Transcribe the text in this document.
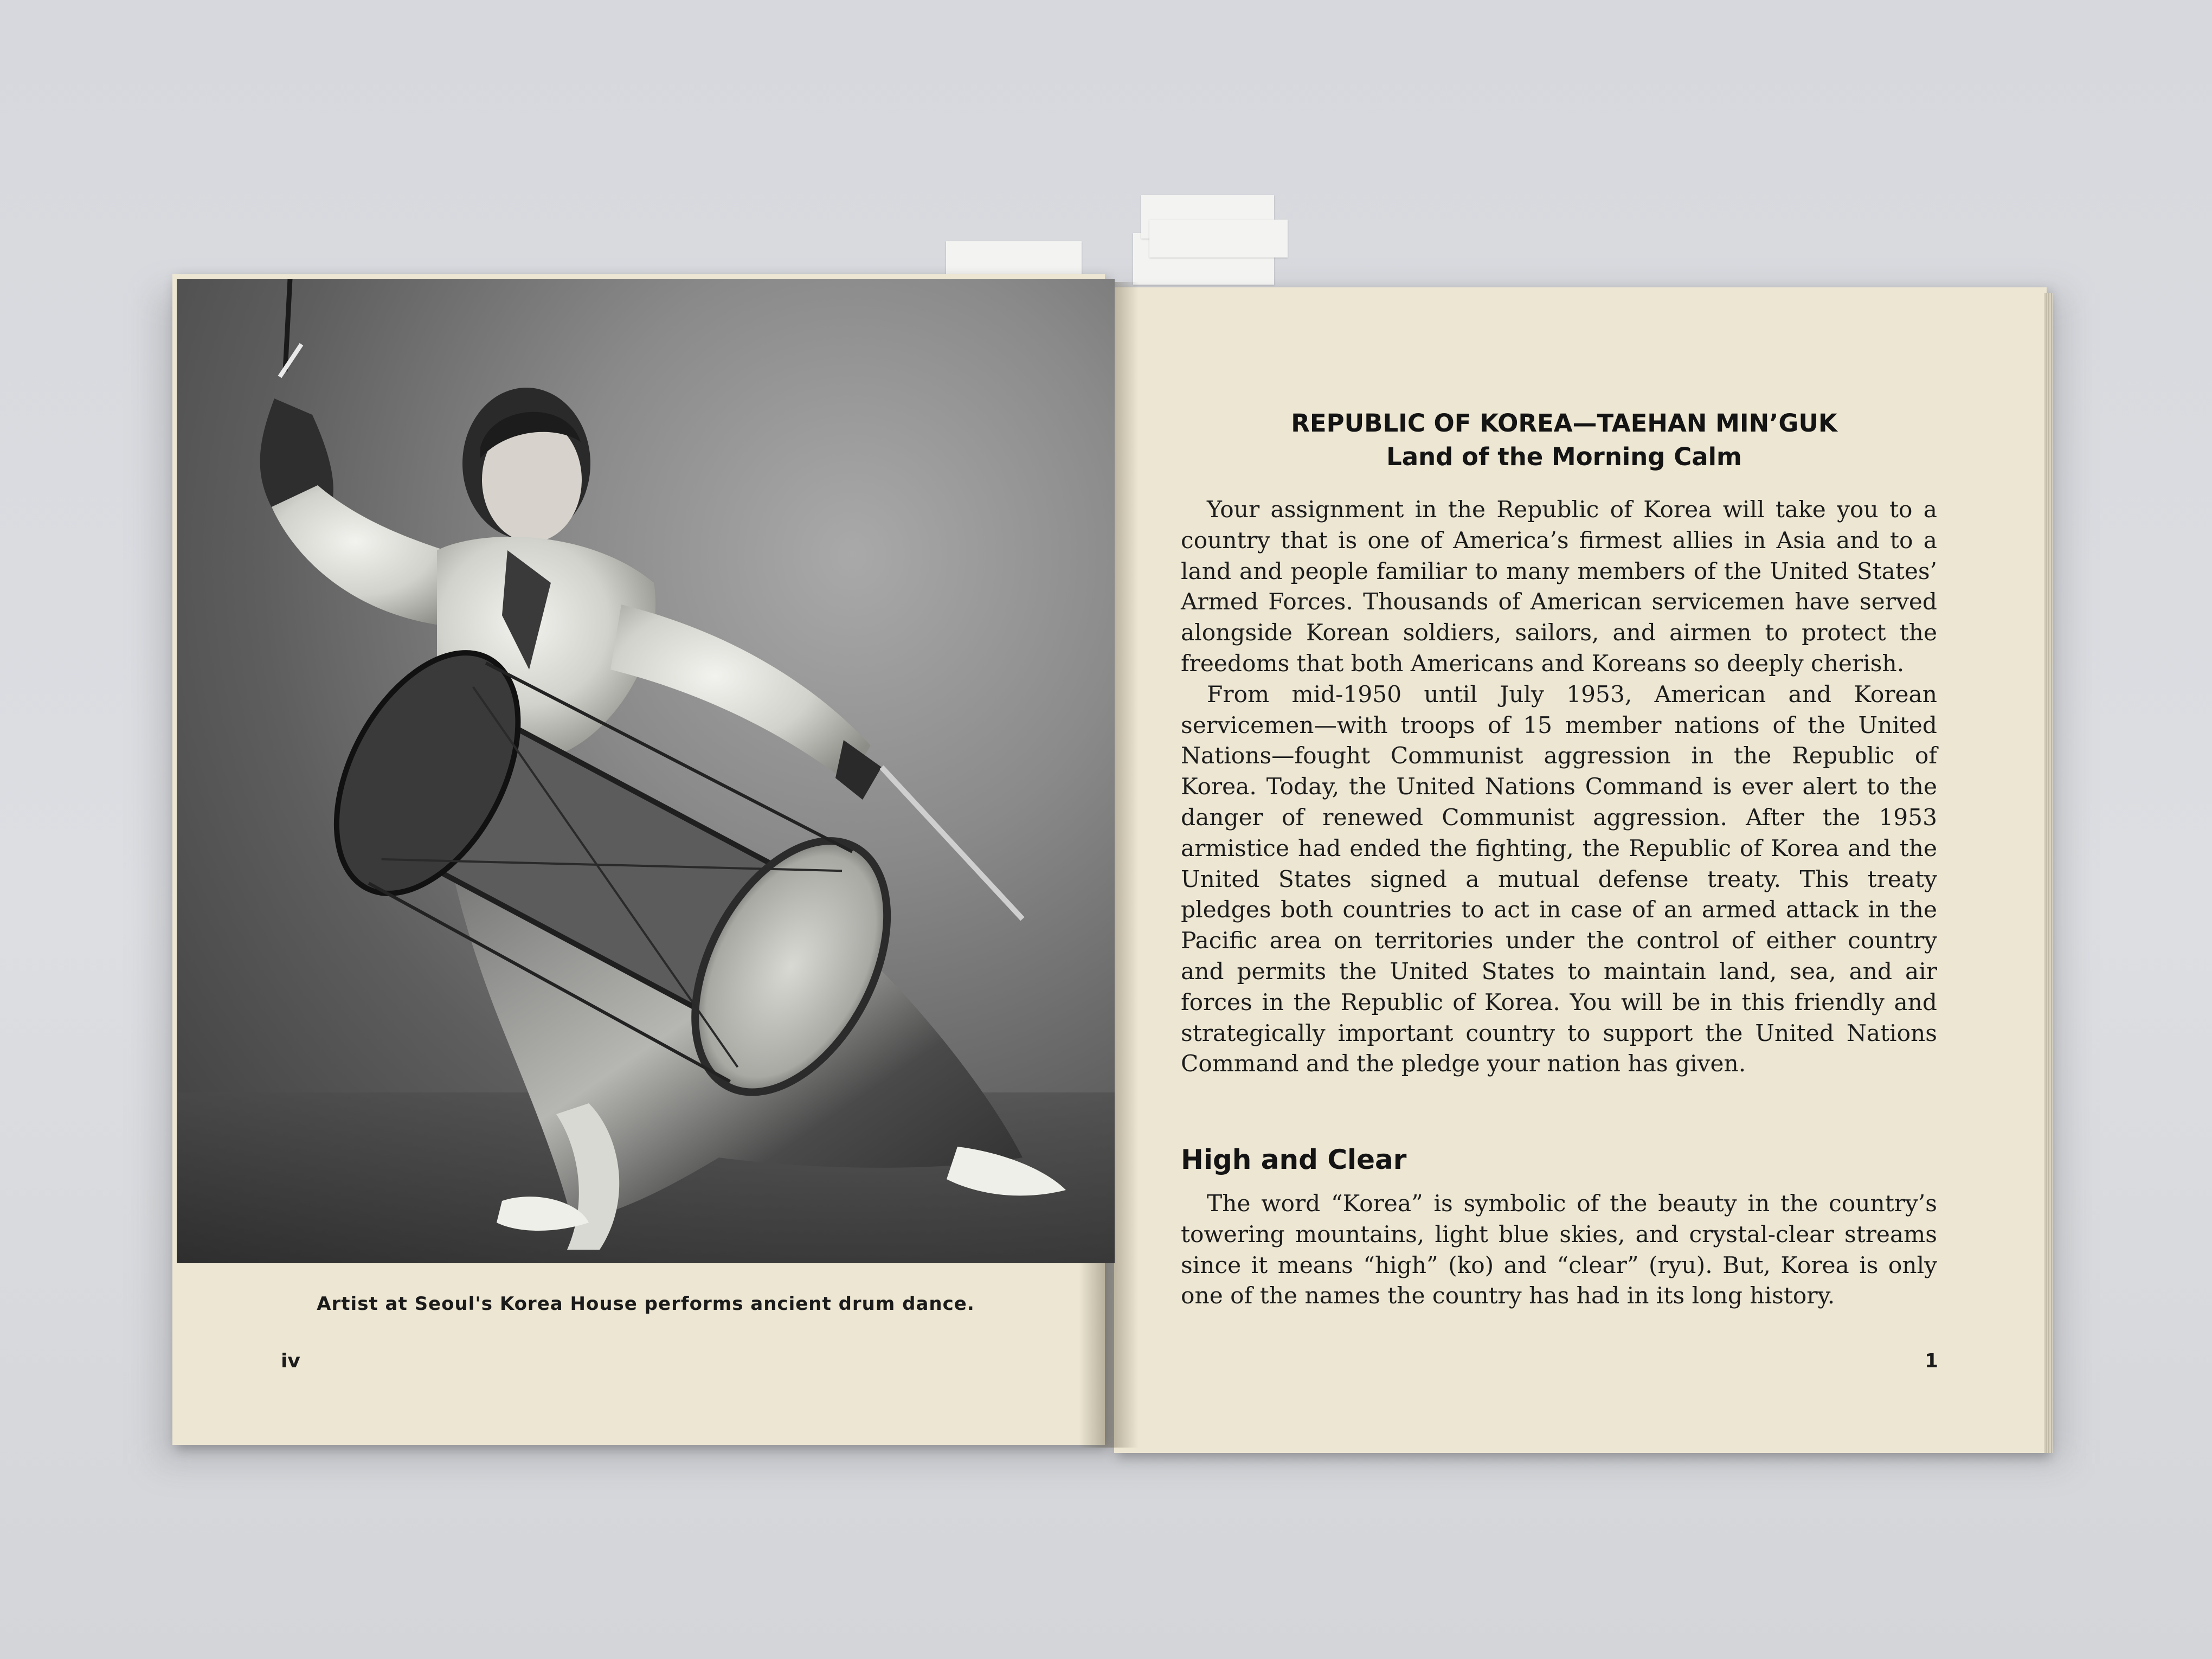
Artist at Seoul's Korea House performs ancient drum dance.
iv
REPUBLIC OF KOREA—TAEHAN MIN’GUK
Land of the Morning Calm

Your assignment in the Republic of Korea will take you to a country that is one of America’s firmest allies in Asia and to a land and people familiar to many members of the United States’ Armed Forces. Thousands of American servicemen have served alongside Korean soldiers, sailors, and airmen to protect the freedoms that both Americans and Koreans so deeply cherish.

From mid-1950 until July 1953, American and Korean servicemen—with troops of 15 member nations of the United Nations—fought Communist aggression in the Republic of Korea. Today, the United Nations Command is ever alert to the danger of renewed Communist aggression. After the 1953 armistice had ended the fighting, the Republic of Korea and the United States signed a mutual defense treaty. This treaty pledges both countries to act in case of an armed attack in the Pacific area on territories under the control of either country and permits the United States to maintain land, sea, and air forces in the Republic of Korea. You will be in this friendly and strategically important country to support the United Nations Command and the pledge your nation has given.

High and Clear

The word “Korea” is symbolic of the beauty in the country’s towering mountains, light blue skies, and crystal-clear streams since it means “high” (ko) and “clear” (ryu). But, Korea is only one of the names the country has had in its long history.

1
